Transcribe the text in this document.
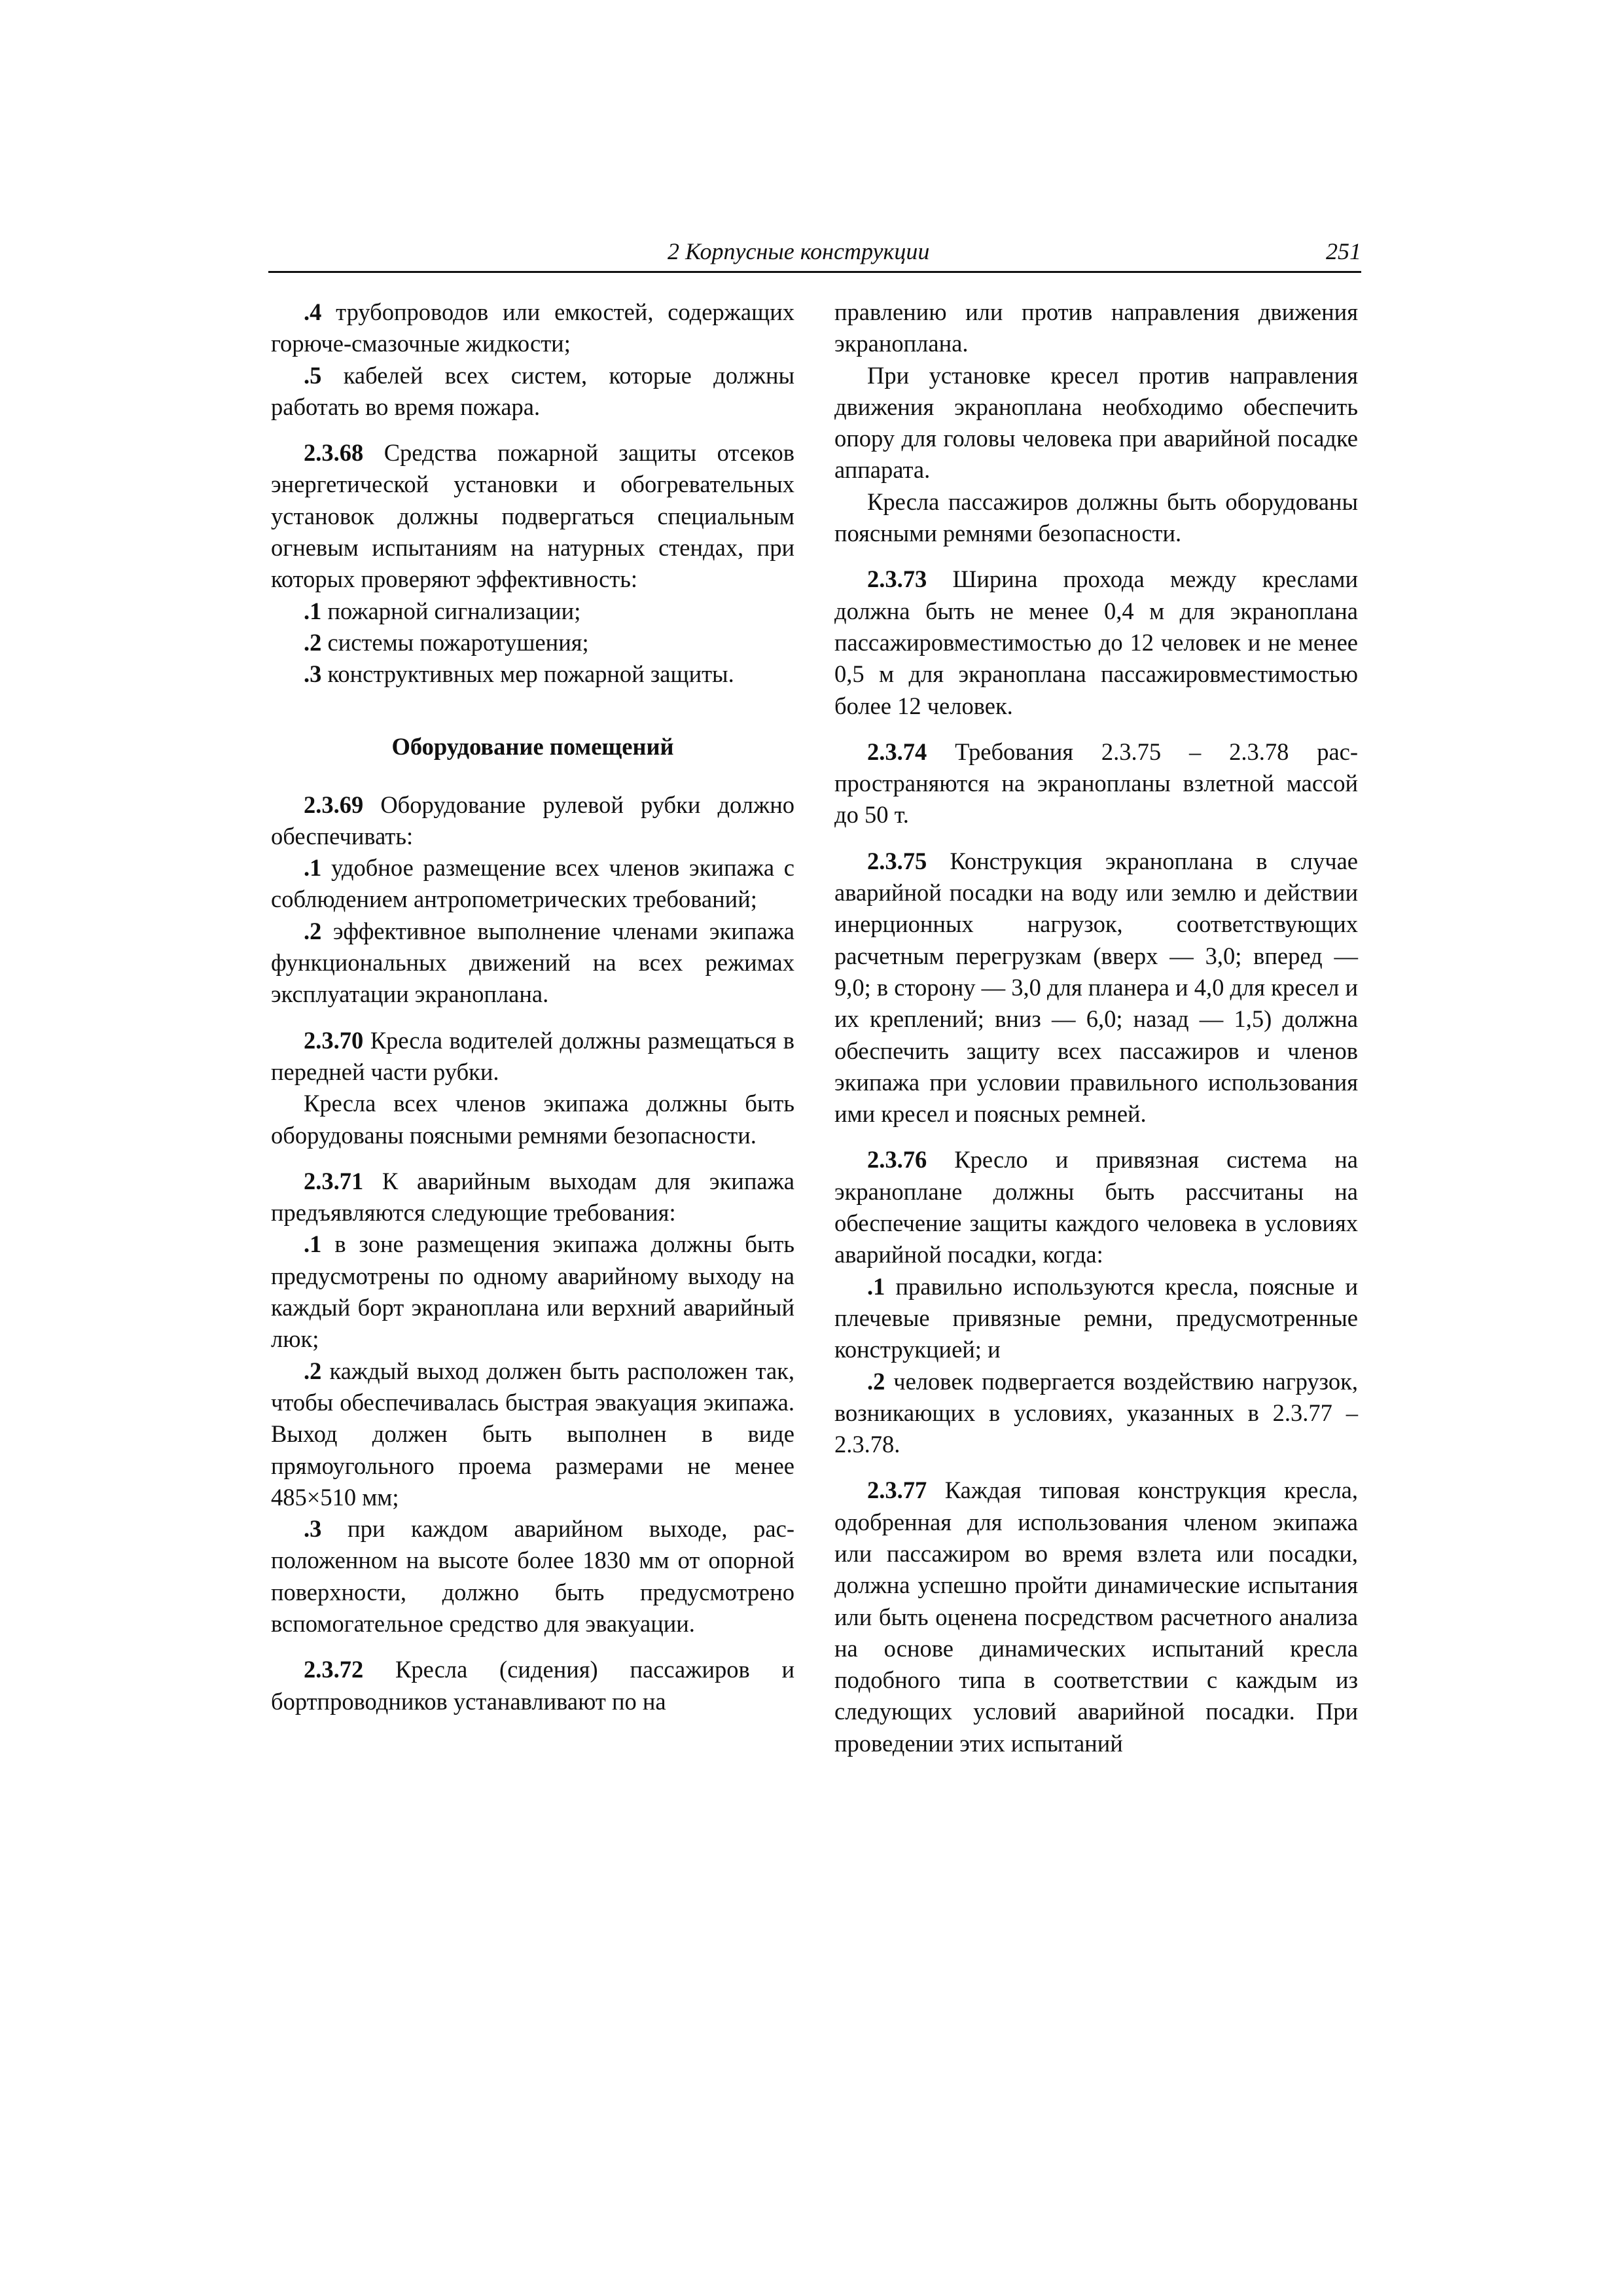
2 Корпусные конструкции	251

.4 трубопроводов или емкостей, содержащих горюче-смазочные жидкости;

.5 кабелей всех систем, которые должны работать во время пожара.

2.3.68 Средства пожарной защиты отсеков энергетической установки и обогревательных установок должны подвергаться специальным огневым испытаниям на натурных стендах, при которых проверяют эффективность:

.1 пожарной сигнализации;

.2 системы пожаротушения;

.3 конструктивных мер пожарной защиты.

Оборудование помещений

2.3.69 Оборудование рулевой рубки должно обеспечивать:

.1 удобное размещение всех членов экипажа с соблюдением антропометрических требований;

.2 эффективное выполнение членами экипажа функциональных движений на всех режимах эксплуатации экраноплана.

2.3.70 Кресла водителей должны размещаться в передней части рубки.

Кресла всех членов экипажа должны быть оборудованы поясными ремнями безопасности.

2.3.71 К аварийным выходам для экипажа предъявляются следующие требования:

.1 в зоне размещения экипажа должны быть предусмотрены по одному аварийному выходу на каждый борт экраноплана или верхний аварийный люк;

.2 каждый выход должен быть расположен так, чтобы обеспечивалась быстрая эвакуация экипажа. Выход должен быть выполнен в виде прямоугольного проема размерами не менее 485×510 мм;

.3 при каждом аварийном выходе, расположенном на высоте более 1830 мм от опорной поверхности, должно быть предусмотрено вспомогательное средство для эвакуации.

2.3.72 Кресла (сидения) пассажиров и бортпроводников устанавливают по на

правлению или против направления движения экраноплана.

При установке кресел против направления движения экраноплана необходимо обеспечить опору для головы человека при аварийной посадке аппарата.

Кресла пассажиров должны быть оборудованы поясными ремнями безопасности.

2.3.73 Ширина прохода между креслами должна быть не менее 0,4 м для экраноплана пассажировместимостью до 12 человек и не менее 0,5 м для экраноплана пассажировместимостью более 12 человек.

2.3.74 Требования 2.3.75 – 2.3.78 распространяются на экранопланы взлетной массой до 50 т.

2.3.75 Конструкция экраноплана в случае аварийной посадки на воду или землю и действии инерционных нагрузок, соответствующих расчетным перегрузкам (вверх — 3,0; вперед — 9,0; в сторону — 3,0 для планера и 4,0 для кресел и их креплений; вниз — 6,0; назад — 1,5) должна обеспечить защиту всех пассажиров и членов экипажа при условии правильного использования ими кресел и поясных ремней.

2.3.76 Кресло и привязная система на экраноплане должны быть рассчитаны на обеспечение защиты каждого человека в условиях аварийной посадки, когда:

.1 правильно используются кресла, поясные и плечевые привязные ремни, предусмотренные конструкцией; и

.2 человек подвергается воздействию нагрузок, возникающих в условиях, указанных в 2.3.77 – 2.3.78.

2.3.77 Каждая типовая конструкция кресла, одобренная для использования членом экипажа или пассажиром во время взлета или посадки, должна успешно пройти динамические испытания или быть оценена посредством расчетного анализа на основе динамических испытаний кресла подобного типа в соответствии с каждым из следующих условий аварийной посадки. При проведении этих испытаний
